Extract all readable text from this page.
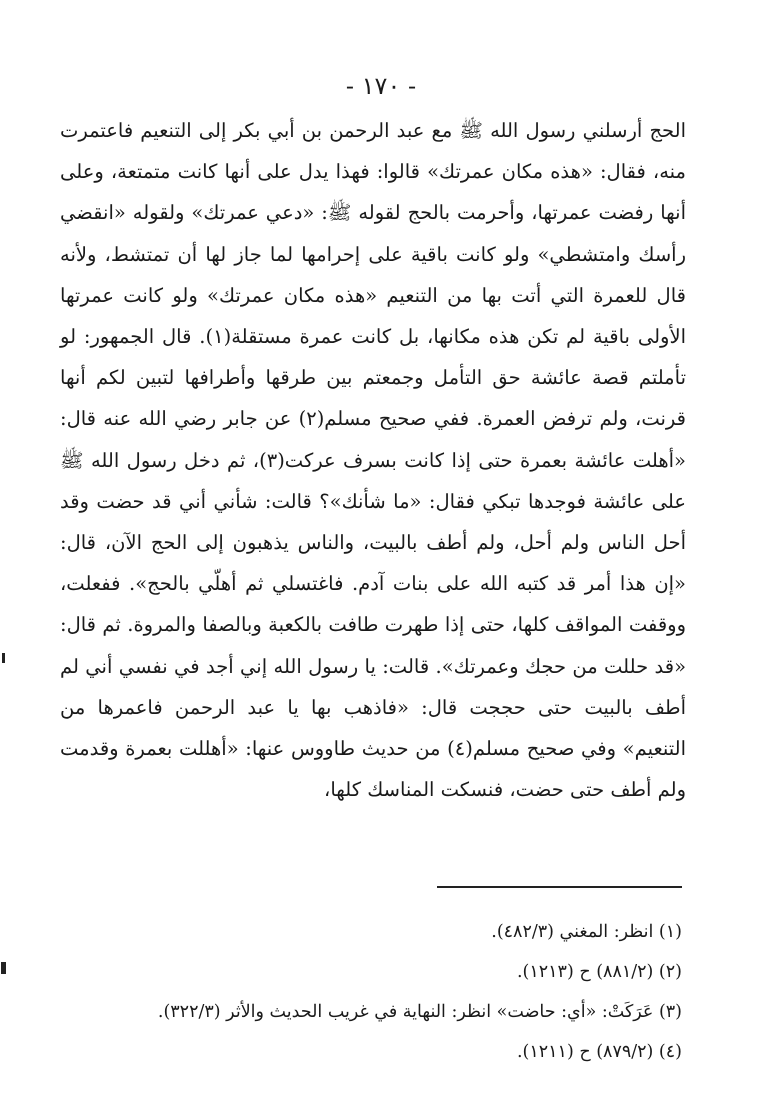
- ١٧٠ -

الحج أرسلني رسول الله ﷺ مع عبد الرحمن بن أبي بكر إلى التنعيم فاعتمرت منه، فقال: «هذه مكان عمرتك» قالوا: فهذا يدل على أنها كانت متمتعة، وعلى أنها رفضت عمرتها، وأحرمت بالحج لقوله ﷺ: «دعي عمرتك» ولقوله «انقضي رأسك وامتشطي» ولو كانت باقية على إحرامها لما جاز لها أن تمتشط، ولأنه قال للعمرة التي أتت بها من التنعيم «هذه مكان عمرتك» ولو كانت عمرتها الأولى باقية لم تكن هذه مكانها، بل كانت عمرة مستقلة(١). قال الجمهور: لو تأملتم قصة عائشة حق التأمل وجمعتم بين طرقها وأطرافها لتبين لكم أنها قرنت، ولم ترفض العمرة. ففي صحيح مسلم(٢) عن جابر رضي الله عنه قال: «أهلت عائشة بعمرة حتى إذا كانت بسرف عركت(٣)، ثم دخل رسول الله ﷺ على عائشة فوجدها تبكي فقال: «ما شأنك»؟ قالت: شأني أني قد حضت وقد أحل الناس ولم أحل، ولم أطف بالبيت، والناس يذهبون إلى الحج الآن، قال: «إن هذا أمر قد كتبه الله على بنات آدم. فاغتسلي ثم أهلّي بالحج». ففعلت، ووقفت المواقف كلها، حتى إذا طهرت طافت بالكعبة وبالصفا والمروة. ثم قال: «قد حللت من حجك وعمرتك». قالت: يا رسول الله إني أجد في نفسي أني لم أطف بالبيت حتى حججت قال: «فاذهب بها يا عبد الرحمن فاعمرها من التنعيم» وفي صحيح مسلم(٤) من حديث طاووس عنها: «أهللت بعمرة وقدمت ولم أطف حتى حضت، فنسكت المناسك كلها،

(١) انظر: المغني (٤٨٢/٣).
(٢) (٨٨١/٢) ح (١٢١٣).
(٣) عَرَكَتْ: «أي: حاضت» انظر: النهاية في غريب الحديث والأثر (٣٢٢/٣).
(٤) (٨٧٩/٢) ح (١٢١١).
